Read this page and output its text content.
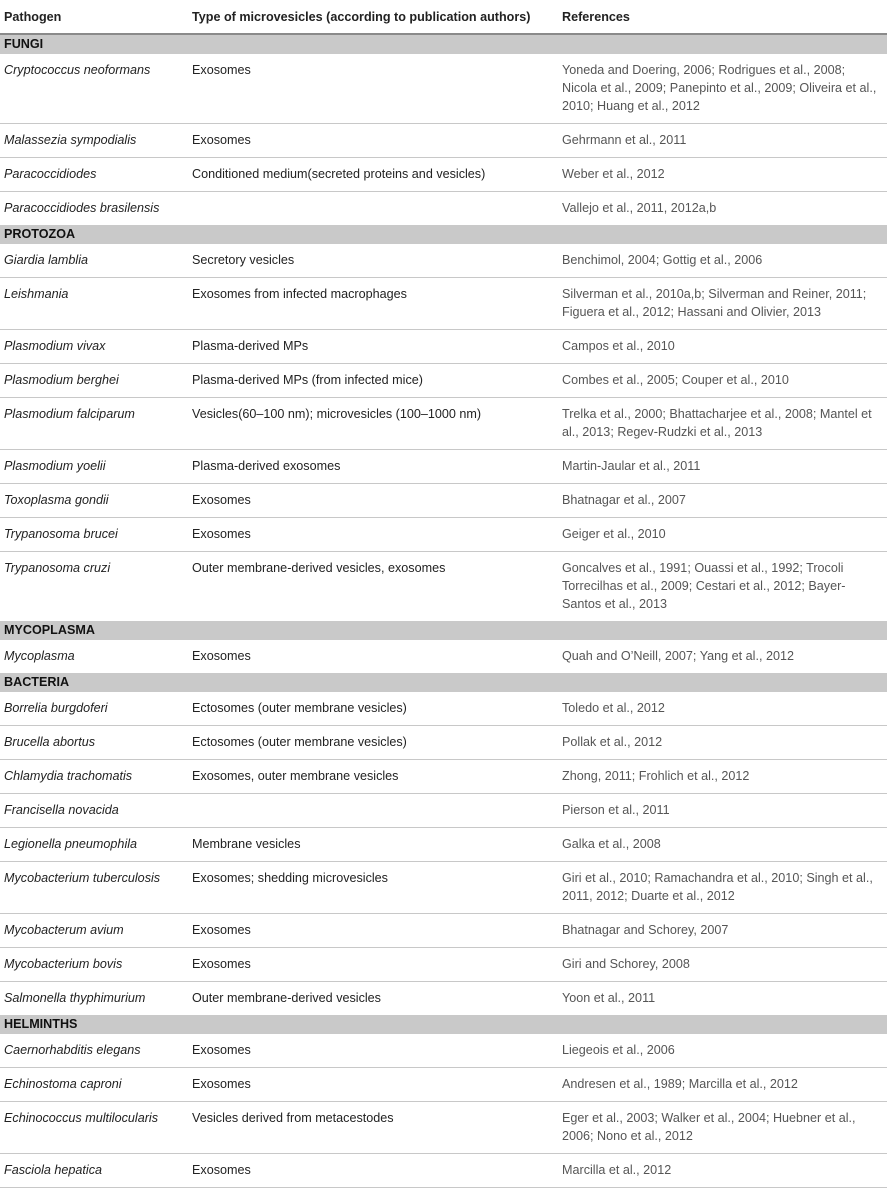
Pathogen	Type of microvesicles (according to publication authors)	References
FUNGI		
Cryptococcus neoformans	Exosomes	Yoneda and Doering, 2006; Rodrigues et al., 2008; Nicola et al., 2009; Panepinto et al., 2009; Oliveira et al., 2010; Huang et al., 2012
Malassezia sympodialis	Exosomes	Gehrmann et al., 2011
Paracoccidiodes	Conditioned medium(secreted proteins and vesicles)	Weber et al., 2012
Paracoccidiodes brasilensis		Vallejo et al., 2011, 2012a,b
PROTOZOA		
Giardia lamblia	Secretory vesicles	Benchimol, 2004; Gottig et al., 2006
Leishmania	Exosomes from infected macrophages	Silverman et al., 2010a,b; Silverman and Reiner, 2011; Figuera et al., 2012; Hassani and Olivier, 2013
Plasmodium vivax	Plasma-derived MPs	Campos et al., 2010
Plasmodium berghei	Plasma-derived MPs (from infected mice)	Combes et al., 2005; Couper et al., 2010
Plasmodium falciparum	Vesicles(60–100 nm); microvesicles (100–1000 nm)	Trelka et al., 2000; Bhattacharjee et al., 2008; Mantel et al., 2013; Regev-Rudzki et al., 2013
Plasmodium yoelii	Plasma-derived exosomes	Martin-Jaular et al., 2011
Toxoplasma gondii	Exosomes	Bhatnagar et al., 2007
Trypanosoma brucei	Exosomes	Geiger et al., 2010
Trypanosoma cruzi	Outer membrane-derived vesicles, exosomes	Goncalves et al., 1991; Ouassi et al., 1992; Trocoli Torrecilhas et al., 2009; Cestari et al., 2012; Bayer-Santos et al., 2013
MYCOPLASMA		
Mycoplasma	Exosomes	Quah and O’Neill, 2007; Yang et al., 2012
BACTERIA		
Borrelia burgdoferi	Ectosomes (outer membrane vesicles)	Toledo et al., 2012
Brucella abortus	Ectosomes (outer membrane vesicles)	Pollak et al., 2012
Chlamydia trachomatis	Exosomes, outer membrane vesicles	Zhong, 2011; Frohlich et al., 2012
Francisella novacida		Pierson et al., 2011
Legionella pneumophila	Membrane vesicles	Galka et al., 2008
Mycobacterium tuberculosis	Exosomes; shedding microvesicles	Giri et al., 2010; Ramachandra et al., 2010; Singh et al., 2011, 2012; Duarte et al., 2012
Mycobacterum avium	Exosomes	Bhatnagar and Schorey, 2007
Mycobacterium bovis	Exosomes	Giri and Schorey, 2008
Salmonella thyphimurium	Outer membrane-derived vesicles	Yoon et al., 2011
HELMINTHS		
Caernorhabditis elegans	Exosomes	Liegeois et al., 2006
Echinostoma caproni	Exosomes	Andresen et al., 1989; Marcilla et al., 2012
Echinococcus multilocularis	Vesicles derived from metacestodes	Eger et al., 2003; Walker et al., 2004; Huebner et al., 2006; Nono et al., 2012
Fasciola hepatica	Exosomes	Marcilla et al., 2012
